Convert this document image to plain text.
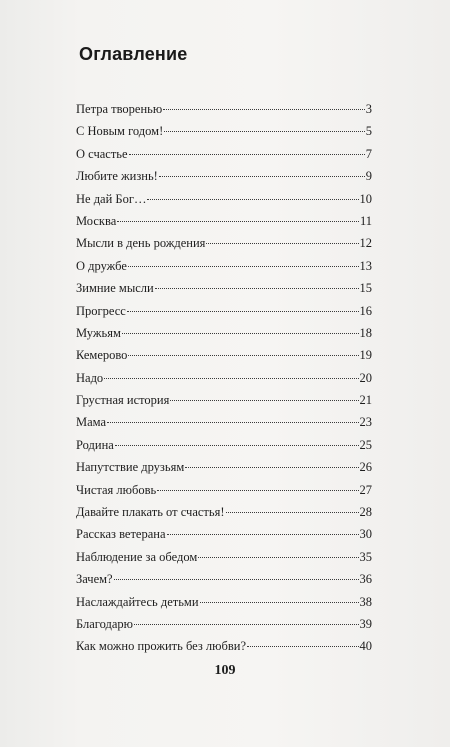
Оглавление
Петра творенью	3
С Новым годом!	5
О счастье	7
Любите жизнь!	9
Не дай Бог…	10
Москва	11
Мысли в день рождения	12
О дружбе	13
Зимние мысли	15
Прогресс	16
Мужьям	18
Кемерово	19
Надо	20
Грустная история	21
Мама	23
Родина	25
Напутствие друзьям	26
Чистая любовь	27
Давайте плакать от счастья!	28
Рассказ ветерана	30
Наблюдение за обедом	35
Зачем?	36
Наслаждайтесь детьми	38
Благодарю	39
Как можно прожить без любви?	40
109
